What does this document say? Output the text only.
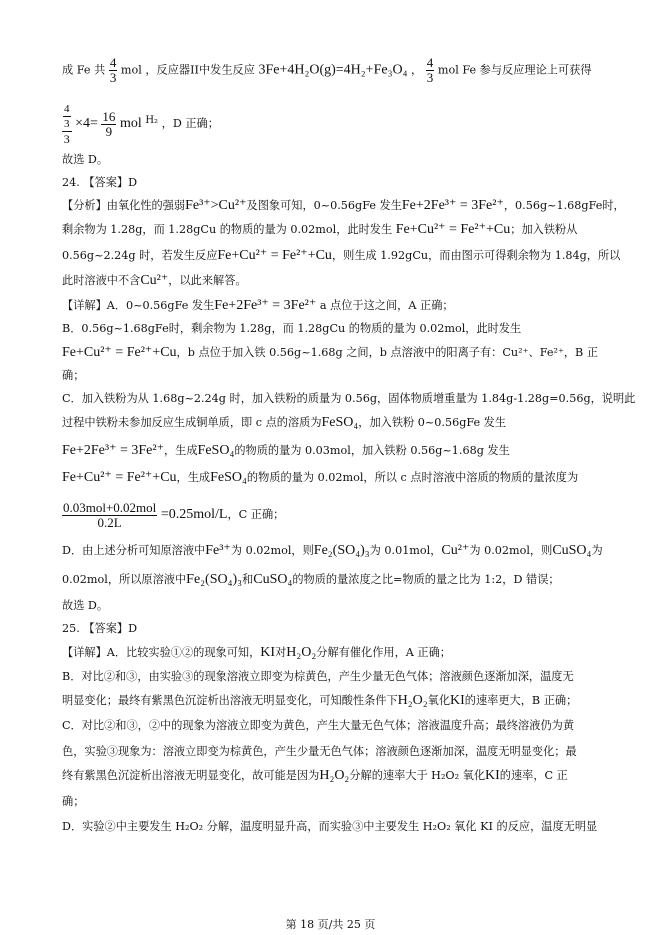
成 Fe 共 $\frac{4}{3}$ mol ，反应器II中发生反应 3Fe+4H₂O(g)=4H₂+Fe₃O₄ ， $\frac{4}{3}$ mol Fe 参与反应理论上可获得
$\frac{\frac{4}{3}}{3} \times 4= \frac{16}{9}$ mol H₂ ，D 正确；
故选 D。
24. 【答案】D
【分析】由氧化性的强弱Fe³⁺>Cu²⁺及图象可知，0~0.56gFe 发生Fe+2Fe³⁺ = 3Fe²⁺，0.56g~1.68gFe时，
剩余物为 1.28g，而 1.28gCu 的物质的量为 0.02mol，此时发生 Fe+Cu²⁺ = Fe²⁺+Cu；加入铁粉从
0.56g~2.24g 时，若发生反应Fe+Cu²⁺ = Fe²⁺+Cu，则生成 1.92gCu，而由图示可得剩余物为 1.84g，所以
此时溶液中不含Cu²⁺，以此来解答。
【详解】A．0~0.56gFe 发生Fe+2Fe³⁺ = 3Fe²⁺ a 点位于这之间，A 正确；
B．0.56g~1.68gFe时，剩余物为 1.28g，而 1.28gCu 的物质的量为 0.02mol，此时发生
Fe+Cu²⁺ = Fe²⁺+Cu，b 点位于加入铁 0.56g~1.68g 之间，b 点溶液中的阳离子有：Cu²⁺、Fe²⁺，B 正
确；
C．加入铁粉为从 1.68g~2.24g 时，加入铁粉的质量为 0.56g，固体物质增重量为 1.84g-1.28g=0.56g，说明此
过程中铁粉未参加反应生成铜单质，即 c 点的溶质为FeSO₄，加入铁粉 0~0.56gFe 发生
Fe+2Fe³⁺ = 3Fe²⁺，生成FeSO₄的物质的量为 0.03mol，加入铁粉 0.56g~1.68g 发生
Fe+Cu²⁺ = Fe²⁺+Cu，生成FeSO₄的物质的量为 0.02mol，所以 c 点时溶液中溶质的物质的量浓度为
$\frac{\text{0.03mol+0.02mol}}{0.2L} =0.25mol/L$，C 正确；
D．由上述分析可知原溶液中Fe³⁺为 0.02mol，则Fe₂(SO₄)₃为 0.01mol，Cu²⁺为 0.02mol，则CuSO₄为
0.02mol，所以原溶液中Fe₂(SO₄)₃和CuSO₄的物质的量浓度之比=物质的量之比为 1:2，D 错误；
故选 D。
25. 【答案】D
【详解】A．比较实验①②的现象可知，KI对H₂O₂分解有催化作用，A 正确；
B．对比②和③，由实验③的现象溶液立即变为棕黄色，产生少量无色气体；溶液颜色逐渐加深，温度无
明显变化；最终有紫黑色沉淀析出溶液无明显变化，可知酸性条件下H₂O₂氧化KI的速率更大，B 正确；
C．对比②和③，②中的现象为溶液立即变为黄色，产生大量无色气体；溶液温度升高；最终溶液仍为黄
色，实验③现象为：溶液立即变为棕黄色，产生少量无色气体；溶液颜色逐渐加深，温度无明显变化；最
终有紫黑色沉淀析出溶液无明显变化，故可能是因为H₂O₂分解的速率大于 H₂O₂ 氧化KI的速率，C 正
确；
D．实验②中主要发生 H₂O₂ 分解，温度明显升高，而实验③中主要发生 H₂O₂ 氧化 KI 的反应，温度无明显
第 18 页/共 25 页
